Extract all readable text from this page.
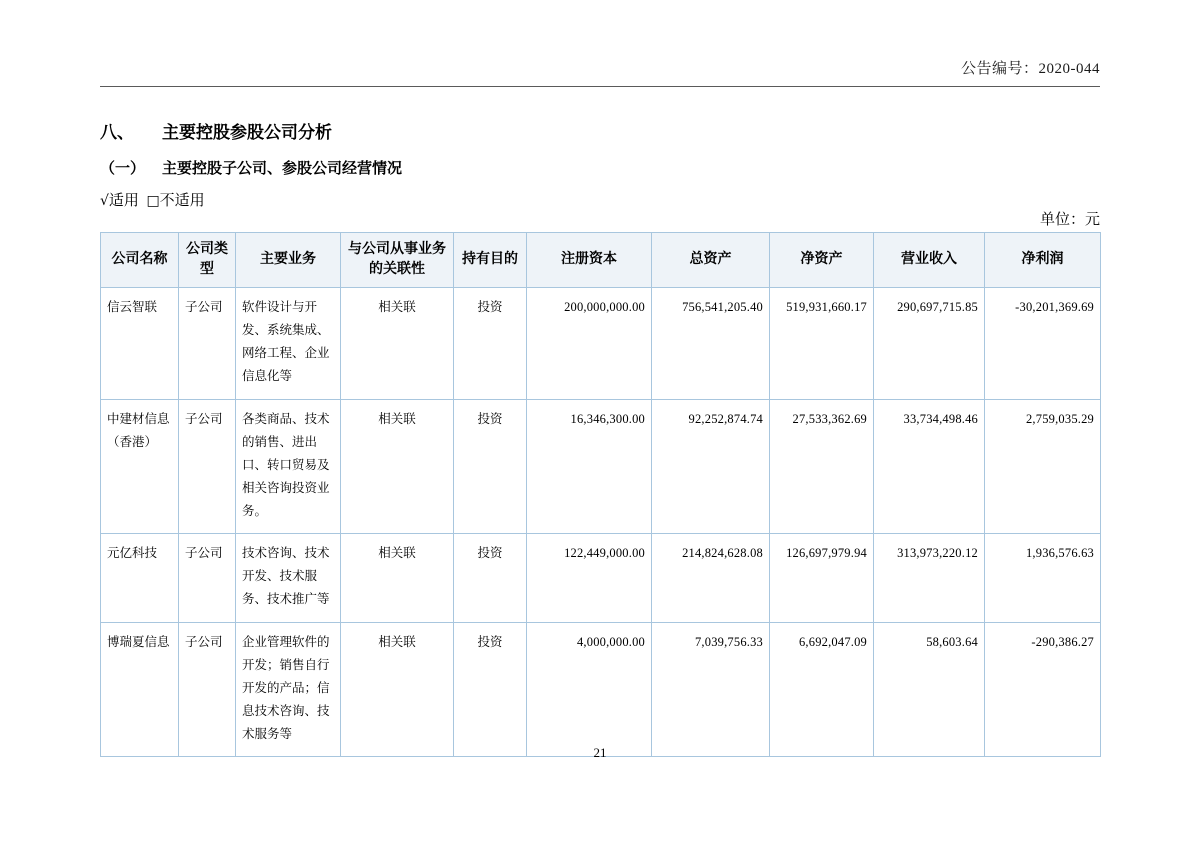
公告编号：2020-044
八、 主要控股参股公司分析
（一） 主要控股子公司、参股公司经营情况
√适用 □不适用
单位：元
公司名称	公司类型	主要业务	与公司从事业务的关联性	持有目的	注册资本	总资产	净资产	营业收入	净利润

信云智联	子公司	软件设计与开发、系统集成、网络工程、企业信息化等	相关联	投资	200,000,000.00	756,541,205.40	519,931,660.17	290,697,715.85	-30,201,369.69

中建材信息（香港）	子公司	各类商品、技术的销售、进出口、转口贸易及相关咨询投资业务。	相关联	投资	16,346,300.00	92,252,874.74	27,533,362.69	33,734,498.46	2,759,035.29

元亿科技	子公司	技术咨询、技术开发、技术服务、技术推广等	相关联	投资	122,449,000.00	214,824,628.08	126,697,979.94	313,973,220.12	1,936,576.63

博瑞夏信息	子公司	企业管理软件的开发；销售自行开发的产品；信息技术咨询、技术服务等	相关联	投资	4,000,000.00	7,039,756.33	6,692,047.09	58,603.64	-290,386.27
21
